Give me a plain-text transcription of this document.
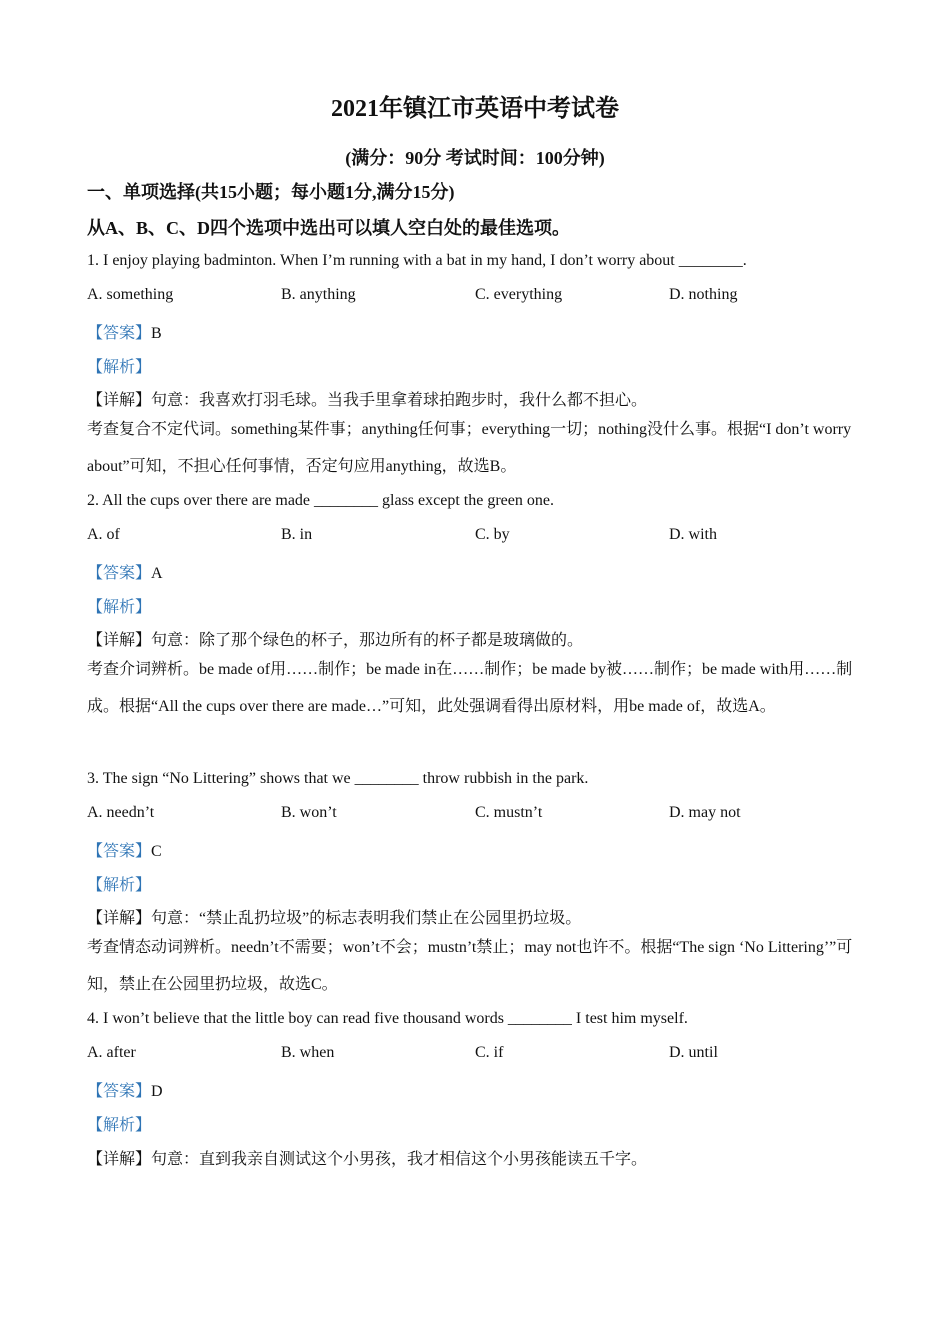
2021年镇江市英语中考试卷
(满分：90分 考试时间：100分钟)
一、单项选择(共15小题；每小题1分,满分15分)
从A、B、C、D四个选项中选出可以填人空白处的最佳选项。
1. I enjoy playing badminton. When I’m running with a bat in my hand, I don’t worry about ________.
A. something	B. anything	C. everything	D. nothing
【答案】B
【解析】
【详解】句意：我喜欢打羽毛球。当我手里拿着球拍跑步时，我什么都不担心。
考查复合不定代词。something某件事；anything任何事；everything一切；nothing没什么事。根据“I don’t worry about”可知，不担心任何事情，否定句应用anything，故选B。
2. All the cups over there are made ________ glass except the green one.
A. of	B. in	C. by	D. with
【答案】A
【解析】
【详解】句意：除了那个绿色的杯子，那边所有的杯子都是玻璃做的。
考查介词辨析。be made of用……制作；be made in在……制作；be made by被……制作；be made with用……制成。根据“All the cups over there are made…”可知，此处强调看得出原材料，用be made of，故选A。
3. The sign “No Littering” shows that we ________ throw rubbish in the park.
A. needn’t	B. won’t	C. mustn’t	D. may not
【答案】C
【解析】
【详解】句意：“禁止乱扔垃圾”的标志表明我们禁止在公园里扔垃圾。
考查情态动词辨析。needn’t不需要；won’t不会；mustn’t禁止；may not也许不。根据“The sign ‘No Littering’”可知，禁止在公园里扔垃圾，故选C。
4. I won’t believe that the little boy can read five thousand words ________ I test him myself.
A. after	B. when	C. if	D. until
【答案】D
【解析】
【详解】句意：直到我亲自测试这个小男孩，我才相信这个小男孩能读五千字。
